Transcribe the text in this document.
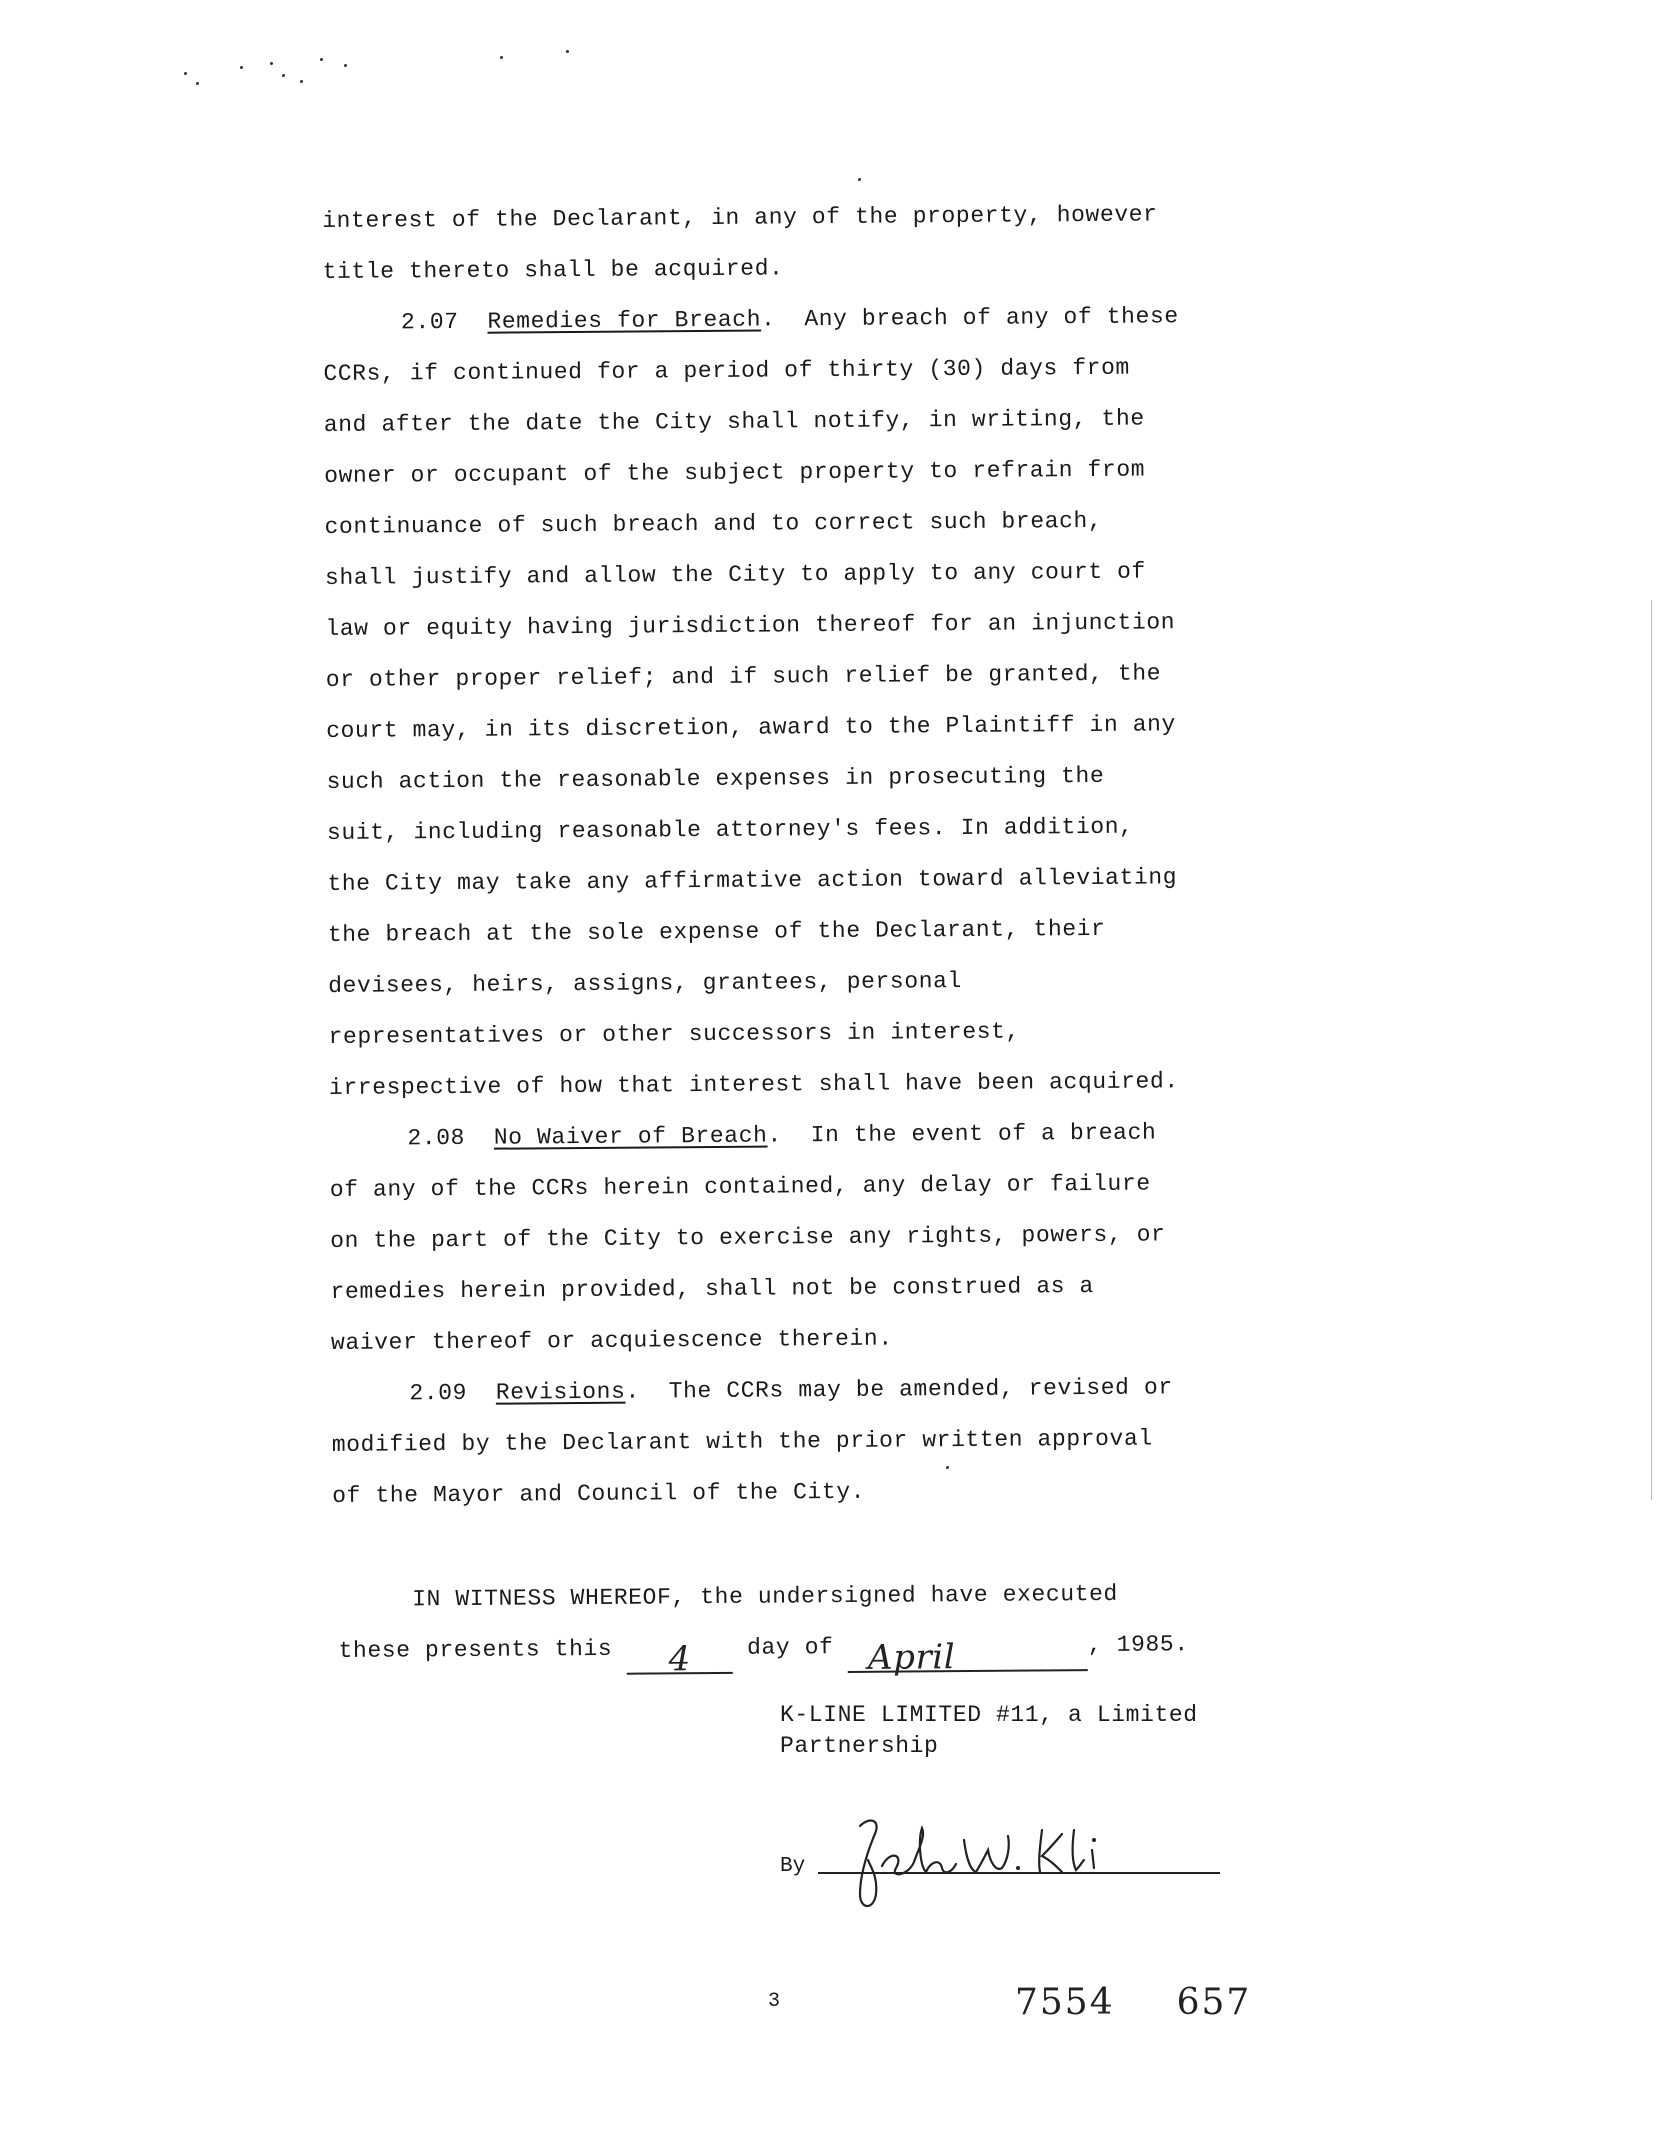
interest of the Declarant, in any of the property, however
title thereto shall be acquired.
2.07 Remedies for Breach.  Any breach of any of these
CCRs, if continued for a period of thirty (30) days from
and after the date the City shall notify, in writing, the
owner or occupant of the subject property to refrain from
continuance of such breach and to correct such breach,
shall justify and allow the City to apply to any court of
law or equity having jurisdiction thereof for an injunction
or other proper relief; and if such relief be granted, the
court may, in its discretion, award to the Plaintiff in any
such action the reasonable expenses in prosecuting the
suit, including reasonable attorney's fees. In addition,
the City may take any affirmative action toward alleviating
the breach at the sole expense of the Declarant, their
devisees, heirs, assigns, grantees, personal
representatives or other successors in interest,
irrespective of how that interest shall have been acquired.
2.08 No Waiver of Breach.  In the event of a breach
of any of the CCRs herein contained, any delay or failure
on the part of the City to exercise any rights, powers, or
remedies herein provided, shall not be construed as a
waiver thereof or acquiescence therein.
2.09 Revisions.  The CCRs may be amended, revised or
modified by the Declarant with the prior written approval
of the Mayor and Council of the City.
IN WITNESS WHEREOF, the undersigned have executed
these presents this	4	day of	April	, 1985.
K-LINE LIMITED #11, a Limited
Partnership
By
3	7554 657
